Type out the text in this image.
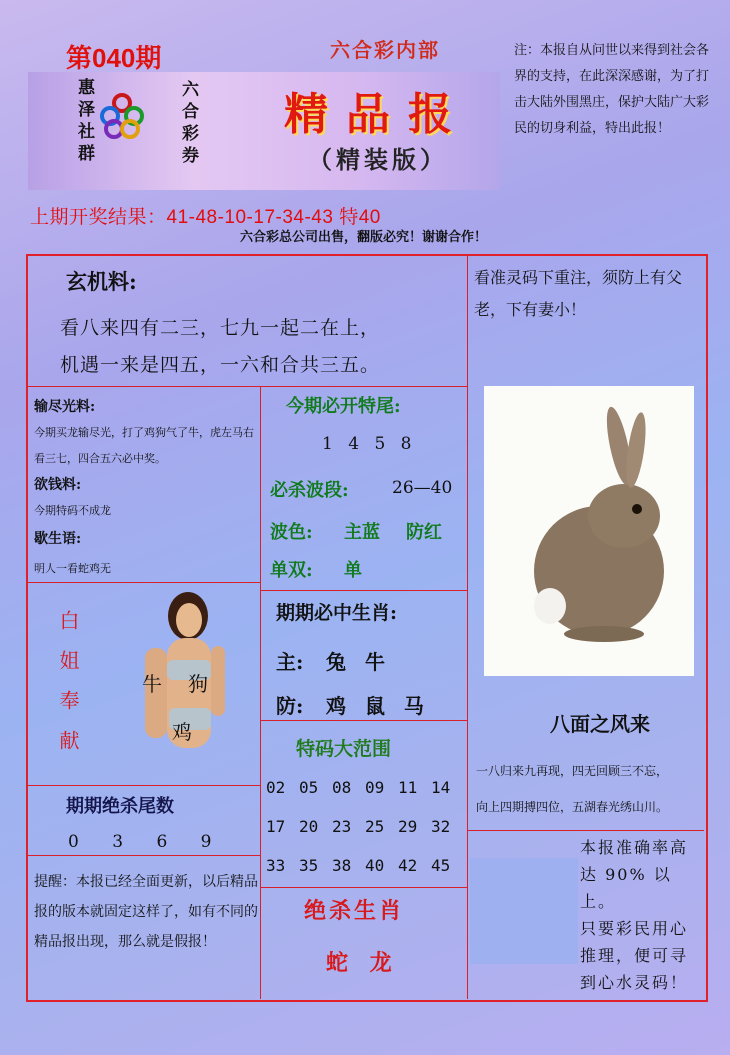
第040期
惠泽社群	六合彩券
六合彩内部
精品报
（精装版）
注：本报自从问世以来得到社会各界的支持，在此深深感谢，为了打击大陆外围黑庄，保护大陆广大彩民的切身利益，特出此报！
上期开奖结果：41-48-10-17-34-43 特40
六合彩总公司出售，翻版必究！谢谢合作！
玄机料:
看八来四有二三，七九一起二在上，
机遇一来是四五，一六和合共三五。
看准灵码下重注，须防上有父老，下有妻小！
输尽光料:
今期买龙输尽光，打了鸡狗气了牛，虎左马右看三七，四合五六必中奖。
欲钱料:
今期特码不成龙
歇生语:
明人一看蛇鸡无
白姐奉献	牛 狗
鸡
期期绝杀尾数
0 3 6 9
提醒：本报已经全面更新，以后精品报的版本就固定这样了，如有不同的精品报出现，那么就是假报！
今期必开特尾:
1 4 5 8
必杀波段:	26—40
波色: 主蓝 防红
单双: 单
期期必中生肖:
主: 兔 牛
防: 鸡 鼠 马
特码大范围
02 05 08 09 11 14
17 20 23 25 29 32
33 35 38 40 42 45
绝杀生肖
蛇 龙
八面之风来
一八归来九再现，四无回顾三不忘，
向上四期搏四位，五湖春光绣山川。
本报准确率高
达 90% 以上。
只要彩民用心
推理，便可寻
到心水灵码！
